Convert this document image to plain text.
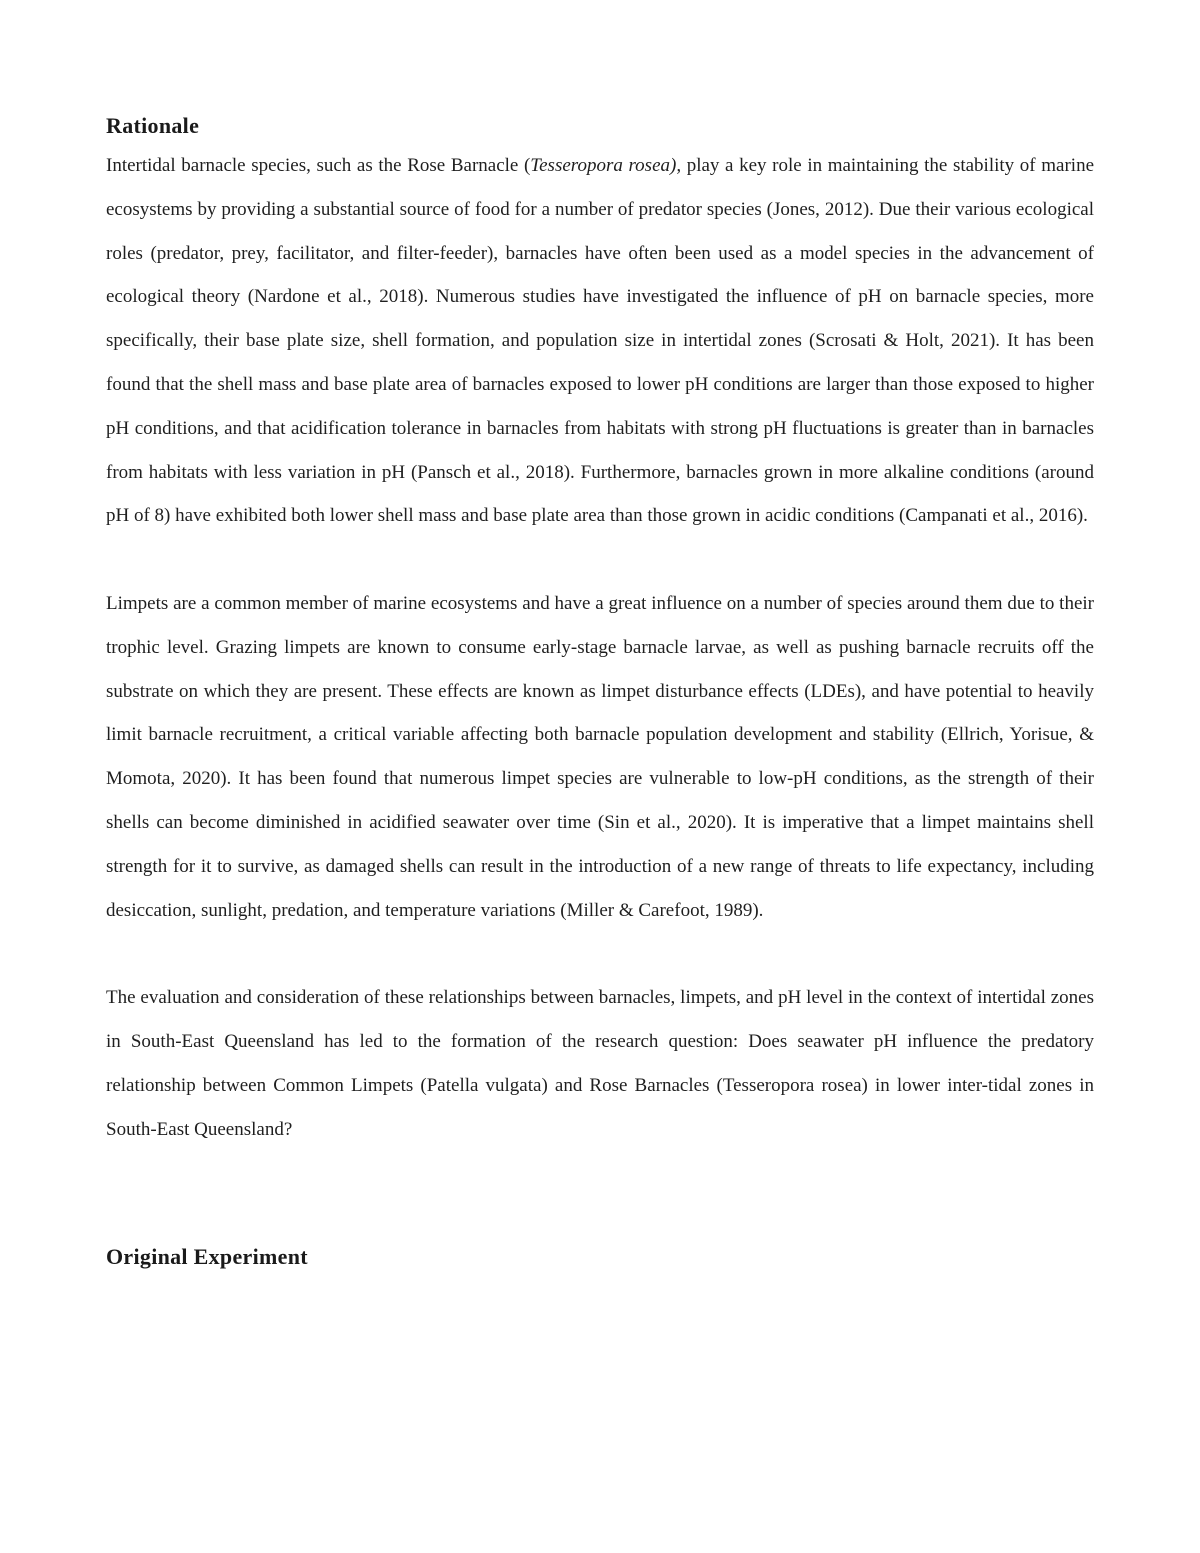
Rationale

Intertidal barnacle species, such as the Rose Barnacle (Tesseropora rosea), play a key role in maintaining the stability of marine ecosystems by providing a substantial source of food for a number of predator species (Jones, 2012). Due their various ecological roles (predator, prey, facilitator, and filter-feeder), barnacles have often been used as a model species in the advancement of ecological theory (Nardone et al., 2018). Numerous studies have investigated the influence of pH on barnacle species, more specifically, their base plate size, shell formation, and population size in intertidal zones (Scrosati & Holt, 2021). It has been found that the shell mass and base plate area of barnacles exposed to lower pH conditions are larger than those exposed to higher pH conditions, and that acidification tolerance in barnacles from habitats with strong pH fluctuations is greater than in barnacles from habitats with less variation in pH (Pansch et al., 2018). Furthermore, barnacles grown in more alkaline conditions (around pH of 8) have exhibited both lower shell mass and base plate area than those grown in acidic conditions (Campanati et al., 2016).

Limpets are a common member of marine ecosystems and have a great influence on a number of species around them due to their trophic level. Grazing limpets are known to consume early-stage barnacle larvae, as well as pushing barnacle recruits off the substrate on which they are present. These effects are known as limpet disturbance effects (LDEs), and have potential to heavily limit barnacle recruitment, a critical variable affecting both barnacle population development and stability (Ellrich, Yorisue, & Momota, 2020). It has been found that numerous limpet species are vulnerable to low-pH conditions, as the strength of their shells can become diminished in acidified seawater over time (Sin et al., 2020). It is imperative that a limpet maintains shell strength for it to survive, as damaged shells can result in the introduction of a new range of threats to life expectancy, including desiccation, sunlight, predation, and temperature variations (Miller & Carefoot, 1989).

The evaluation and consideration of these relationships between barnacles, limpets, and pH level in the context of intertidal zones in South-East Queensland has led to the formation of the research question: Does seawater pH influence the predatory relationship between Common Limpets (Patella vulgata) and Rose Barnacles (Tesseropora rosea) in lower inter-tidal zones in South-East Queensland?

Original Experiment
